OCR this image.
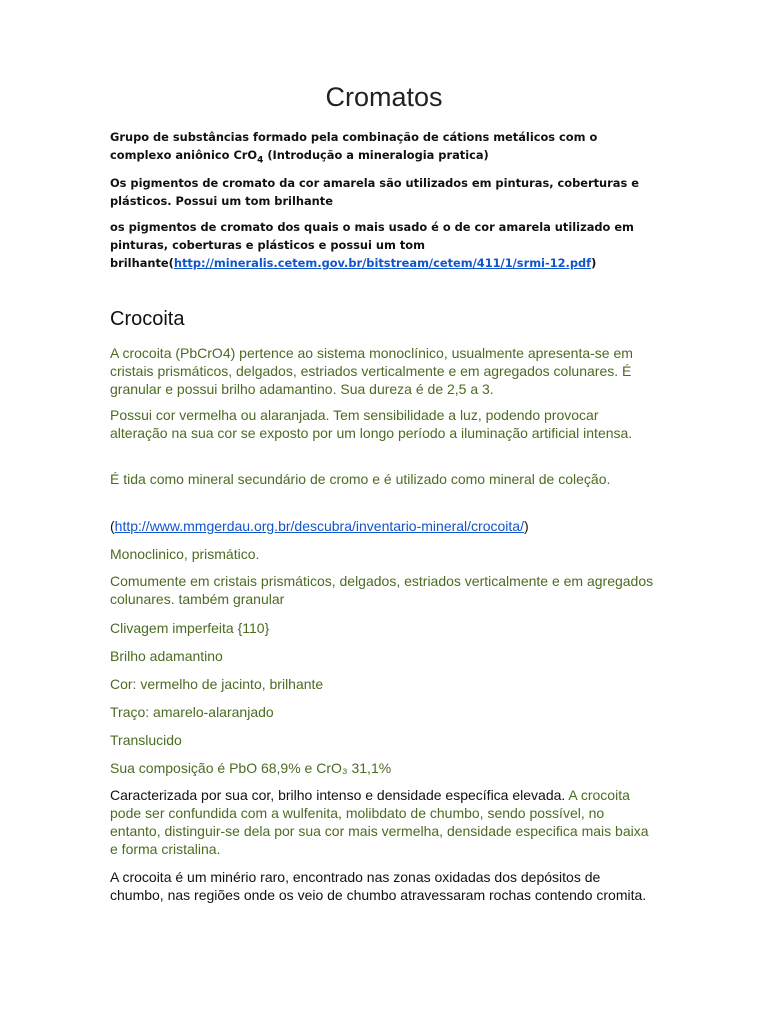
Cromatos

Grupo de substâncias formado pela combinação de cátions metálicos com o complexo aniônico CrO$_4$ (Introdução a mineralogia pratica)

Os pigmentos de cromato da cor amarela são utilizados em pinturas, coberturas e plásticos. Possui um tom brilhante

os pigmentos de cromato dos quais o mais usado é o de cor amarela utilizado em pinturas, coberturas e plásticos e possui um tom brilhante(http://mineralis.cetem.gov.br/bitstream/cetem/411/1/srmi-12.pdf)

Crocoita
A crocoita (PbCrO4) pertence ao sistema monoclínico, usualmente apresenta-se em cristais prismáticos, delgados, estriados verticalmente e em agregados colunares. É granular e possui brilho adamantino. Sua dureza é de 2,5 a 3.
Possui cor vermelha ou alaranjada. Tem sensibilidade a luz, podendo provocar alteração na sua cor se exposto por um longo período a iluminação artificial intensa.
É tida como mineral secundário de cromo e é utilizado como mineral de coleção.
(http://www.mmgerdau.org.br/descubra/inventario-mineral/crocoita/)
Monoclinico, prismático.
Comumente em cristais prismáticos, delgados, estriados verticalmente e em agregados colunares. também granular
Clivagem imperfeita {110}
Brilho adamantino
Cor: vermelho de jacinto, brilhante
Traço: amarelo-alaranjado
Translucido
Sua composição é PbO 68,9% e CrO₃ 31,1%
Caracterizada por sua cor, brilho intenso e densidade específica elevada. A crocoita pode ser confundida com a wulfenita, molibdato de chumbo, sendo possível, no entanto, distinguir-se dela por sua cor mais vermelha, densidade especifica mais baixa e forma cristalina.
A crocoita é um minério raro, encontrado nas zonas oxidadas dos depósitos de chumbo, nas regiões onde os veio de chumbo atravessaram rochas contendo cromita.
